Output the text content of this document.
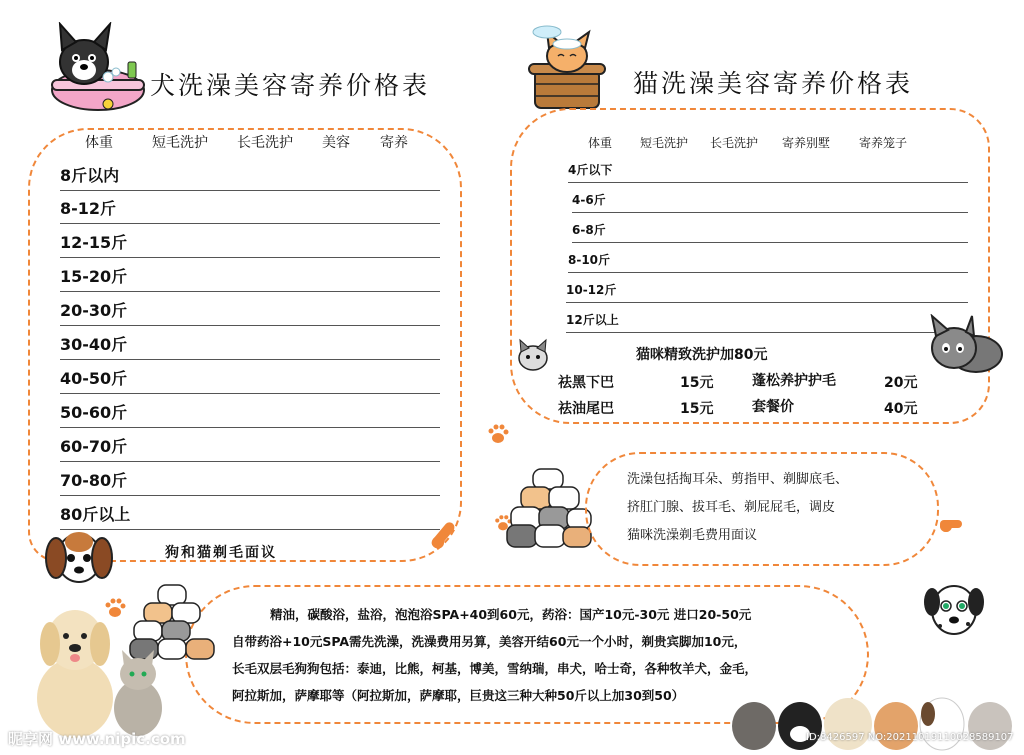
犬洗澡美容寄养价格表
体重	短毛洗护 长毛洗护 美容 寄养
8斤以内
8-12斤
12-15斤
15-20斤
20-30斤
30-40斤
40-50斤
50-60斤
60-70斤
70-80斤
80斤以上
狗和猫剃毛面议
猫洗澡美容寄养价格表
体重 短毛洗护 长毛洗护 寄养别墅 寄养笼子
4斤以下
4-6斤
6-8斤
8-10斤
10-12斤
12斤以上
猫咪精致洗护加80元
祛黑下巴	15元
祛油尾巴	15元
蓬松养护护毛	20元
套餐价	40元
洗澡包括掏耳朵、剪指甲、剃脚底毛、
挤肛门腺、拔耳毛、剃屁屁毛，调皮
猫咪洗澡剃毛费用面议
精油，碳酸浴，盐浴，泡泡浴SPA+40到60元，药浴：国产10元-30元 进口20-50元
自带药浴+10元SPA需先洗澡，洗澡费用另算，美容开结60元一个小时，剃贵宾脚加10元，
长毛双层毛狗狗包括：泰迪，比熊，柯基，博美，雪纳瑞，串犬，哈士奇，各种牧羊犬，金毛，
阿拉斯加，萨摩耶等（阿拉斯加，萨摩耶，巨贵这三种大种50斤以上加30到50）
昵享网 www.nipic.com	ID:8426597 NO:20211019110028589107
